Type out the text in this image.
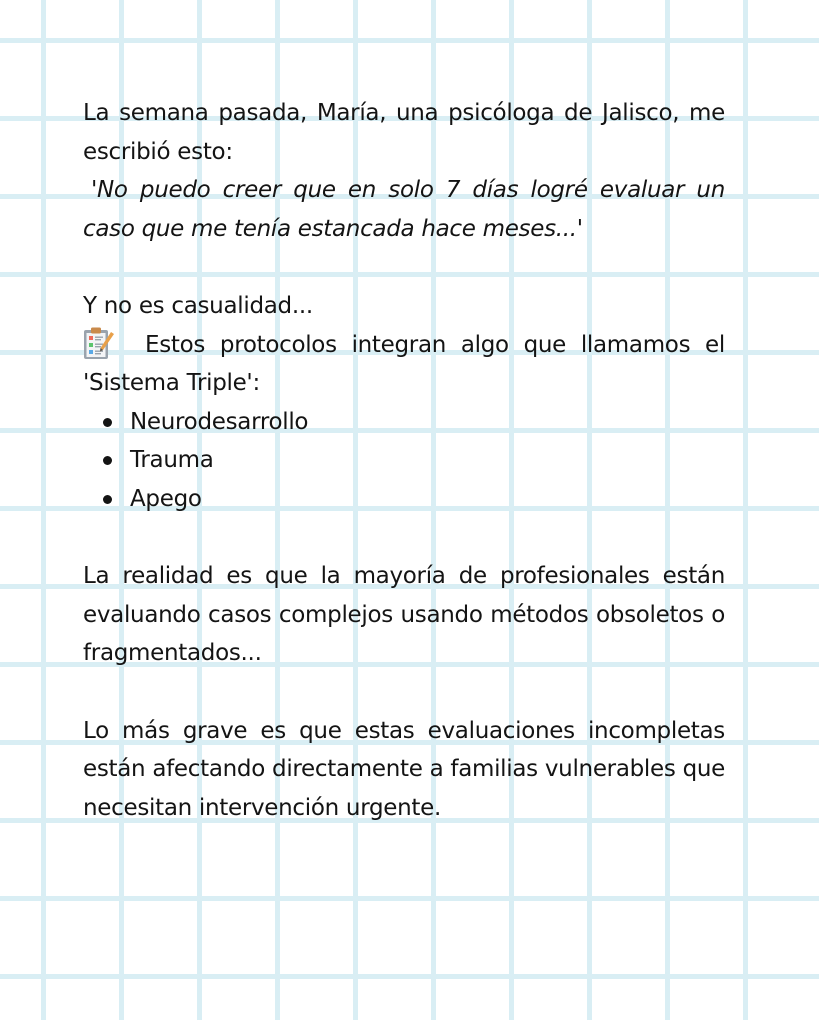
La semana pasada, María, una psicóloga de Jalisco, me escribió esto:

'No puedo creer que en solo 7 días logré evaluar un caso que me tenía estancada hace meses...'

Y no es casualidad...

Estos protocolos integran algo que llamamos el 'Sistema Triple':

Neurodesarrollo
Trauma
Apego

La realidad es que la mayoría de profesionales están evaluando casos complejos usando métodos obsoletos o fragmentados...

Lo más grave es que estas evaluaciones incompletas están afectando directamente a familias vulnerables que necesitan intervención urgente.
